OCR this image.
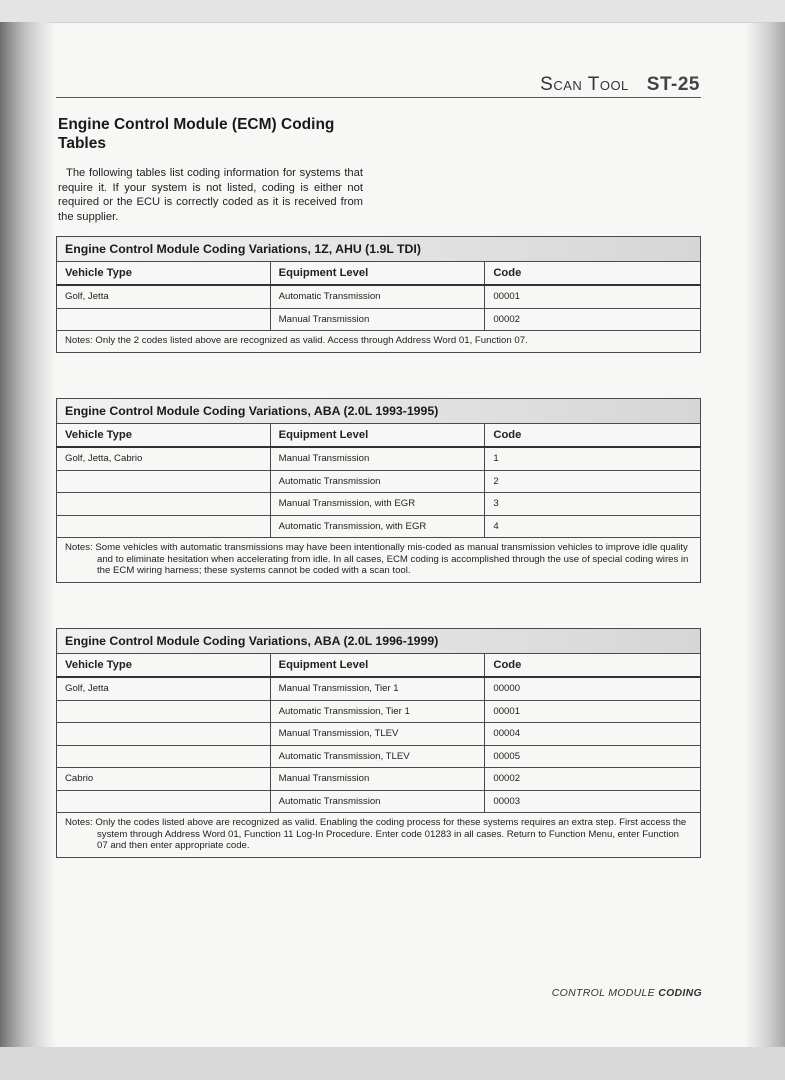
Scan Tool ST-25
Engine Control Module (ECM) Coding Tables

The following tables list coding information for systems that require it. If your system is not listed, coding is either not required or the ECU is correctly coded as it is received from the supplier.

Engine Control Module Coding Variations, 1Z, AHU (1.9L TDI)		
Vehicle Type	Equipment Level	Code
Golf, Jetta	Automatic Transmission	00001
	Manual Transmission	00002

Notes: Only the 2 codes listed above are recognized as valid. Access through Address Word 01, Function 07.		
Engine Control Module Coding Variations, ABA (2.0L 1993-1995)		
Vehicle Type	Equipment Level	Code
Golf, Jetta, Cabrio	Manual Transmission	1
	Automatic Transmission	2
	Manual Transmission, with EGR	3
	Automatic Transmission, with EGR	4

Notes: Some vehicles with automatic transmissions may have been intentionally mis-coded as manual transmission vehicles to improve idle quality and to eliminate hesitation when accelerating from idle. In all cases, ECM coding is accomplished through the use of special coding wires in the ECM wiring harness; these systems cannot be coded with a scan tool.		
Engine Control Module Coding Variations, ABA (2.0L 1996-1999)		
Vehicle Type	Equipment Level	Code
Golf, Jetta	Manual Transmission, Tier 1	00000
	Automatic Transmission, Tier 1	00001
	Manual Transmission, TLEV	00004
	Automatic Transmission, TLEV	00005
Cabrio	Manual Transmission	00002
	Automatic Transmission	00003

Notes: Only the codes listed above are recognized as valid. Enabling the coding process for these systems requires an extra step. First access the system through Address Word 01, Function 11 Log-In Procedure. Enter code 01283 in all cases. Return to Function Menu, enter Function 07 and then enter appropriate code.		
CONTROL MODULE CODING
